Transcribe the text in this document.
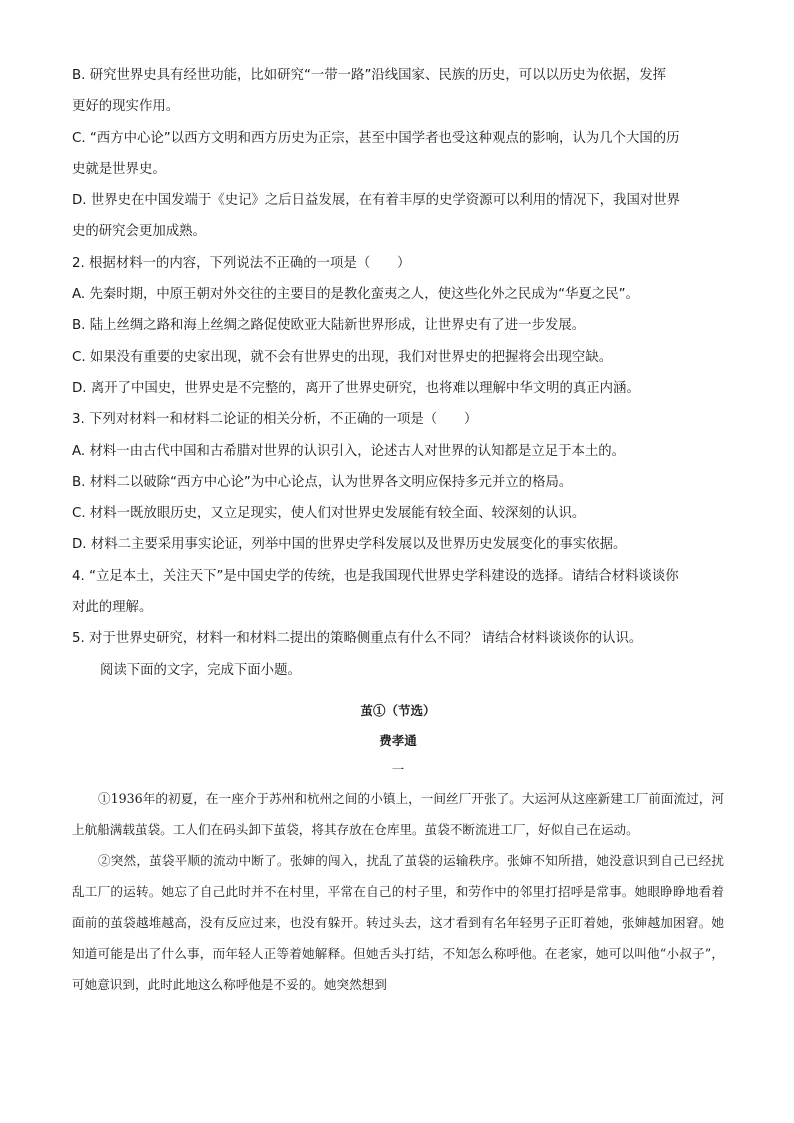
B. 研究世界史具有经世功能，比如研究“一带一路”沿线国家、民族的历史，可以以历史为依据，发挥

更好的现实作用。

C. “西方中心论”以西方文明和西方历史为正宗，甚至中国学者也受这种观点的影响，认为几个大国的历

史就是世界史。

D. 世界史在中国发端于《史记》之后日益发展，在有着丰厚的史学资源可以利用的情况下，我国对世界

史的研究会更加成熟。

2. 根据材料一的内容，下列说法不正确的一项是（　　）

A. 先秦时期，中原王朝对外交往的主要目的是教化蛮夷之人，使这些化外之民成为“华夏之民”。

B. 陆上丝绸之路和海上丝绸之路促使欧亚大陆新世界形成，让世界史有了进一步发展。

C. 如果没有重要的史家出现，就不会有世界史的出现，我们对世界史的把握将会出现空缺。

D. 离开了中国史，世界史是不完整的，离开了世界史研究，也将难以理解中华文明的真正内涵。

3. 下列对材料一和材料二论证的相关分析，不正确的一项是（　　）

A. 材料一由古代中国和古希腊对世界的认识引入，论述古人对世界的认知都是立足于本土的。

B. 材料二以破除“西方中心论”为中心论点，认为世界各文明应保持多元并立的格局。

C. 材料一既放眼历史，又立足现实，使人们对世界史发展能有较全面、较深刻的认识。

D. 材料二主要采用事实论证，列举中国的世界史学科发展以及世界历史发展变化的事实依据。

4. “立足本土，关注天下”是中国史学的传统，也是我国现代世界史学科建设的选择。请结合材料谈谈你

对此的理解。

5. 对于世界史研究，材料一和材料二提出的策略侧重点有什么不同？ 请结合材料谈谈你的认识。

阅读下面的文字，完成下面小题。

茧①（节选）

费孝通

一

①1936年的初夏，在一座介于苏州和杭州之间的小镇上，一间丝厂开张了。大运河从这座新建工厂前面流过，河上航船满载茧袋。工人们在码头卸下茧袋，将其存放在仓库里。茧袋不断流进工厂，好似自己在运动。

②突然，茧袋平顺的流动中断了。张婶的闯入，扰乱了茧袋的运输秩序。张婶不知所措，她没意识到自己已经扰乱工厂的运转。她忘了自己此时并不在村里，平常在自己的村子里，和劳作中的邻里打招呼是常事。她眼睁睁地看着面前的茧袋越堆越高，没有反应过来，也没有躲开。转过头去，这才看到有名年轻男子正盯着她，张婶越加困窘。她知道可能是出了什么事，而年轻人正等着她解释。但她舌头打结，不知怎么称呼他。在老家，她可以叫他“小叔子”，可她意识到，此时此地这么称呼他是不妥的。她突然想到
